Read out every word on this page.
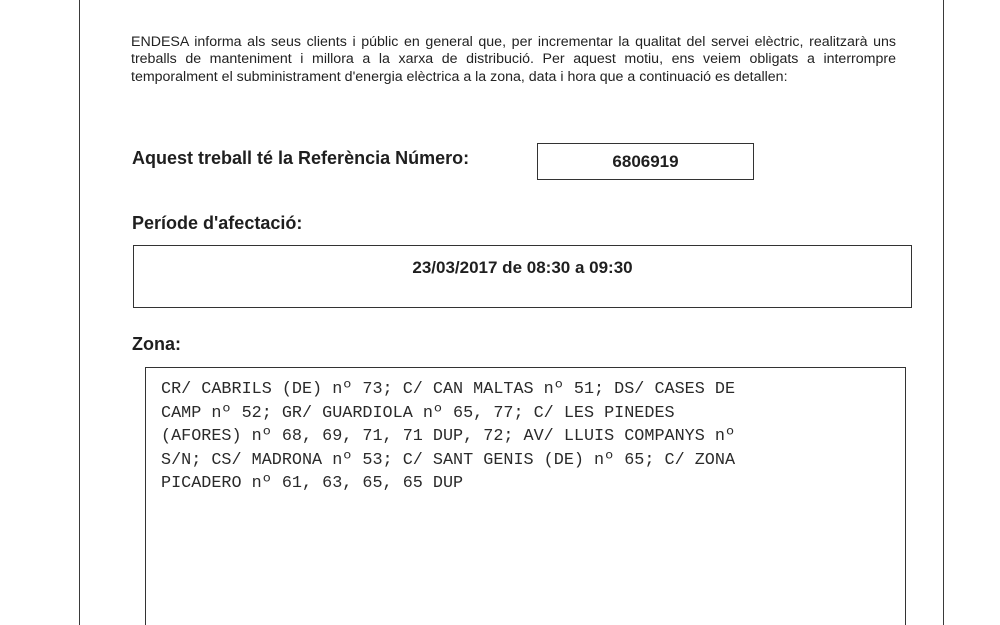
ENDESA informa als seus clients i públic en general que, per incrementar la qualitat del servei elèctric, realitzarà uns treballs de manteniment i millora a la xarxa de distribució. Per aquest motiu, ens veiem obligats a interrompre temporalment el subministrament d'energia elèctrica a la zona, data i hora que a continuació es detallen:
Aquest treball té la Referència Número:	6806919
Període d'afectació:
23/03/2017 de 08:30 a 09:30
Zona:
CR/ CABRILS (DE) nº 73; C/ CAN MALTAS nº 51; DS/ CASES DE
CAMP nº 52; GR/ GUARDIOLA nº 65, 77; C/ LES PINEDES
(AFORES) nº 68, 69, 71, 71 DUP, 72; AV/ LLUIS COMPANYS nº
S/N; CS/ MADRONA nº 53; C/ SANT GENIS (DE) nº 65; C/ ZONA
PICADERO nº 61, 63, 65, 65 DUP
